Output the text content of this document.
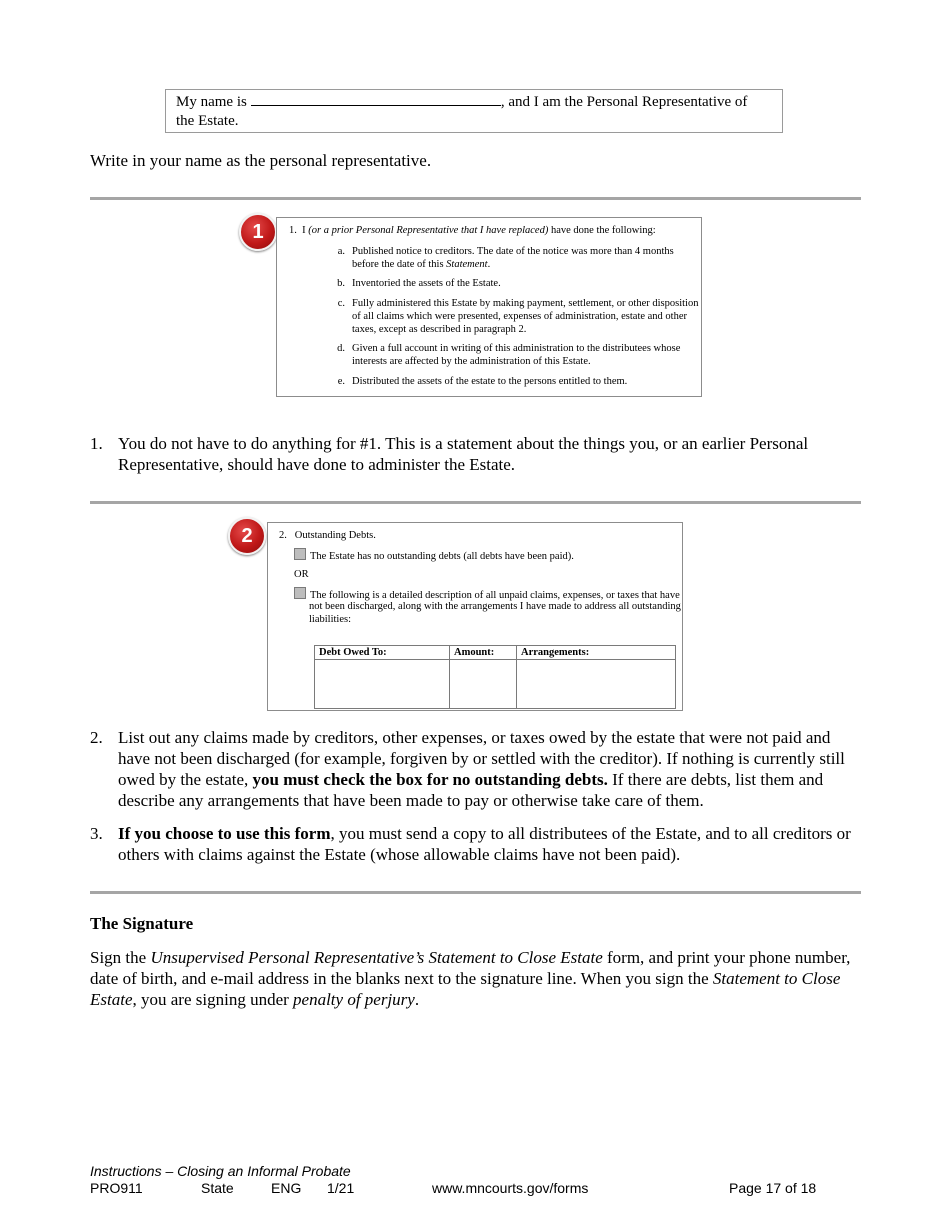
My name is	, and I am the Personal Representative of
the Estate.
Write in your name as the personal representative.
1	1. I (or a prior Personal Representative that I have replaced) have done the following:
a. Published notice to creditors. The date of the notice was more than 4 months
before the date of this Statement.
b. Inventoried the assets of the Estate.
c. Fully administered this Estate by making payment, settlement, or other disposition
of all claims which were presented, expenses of administration, estate and other
taxes, except as described in paragraph 2.
d. Given a full account in writing of this administration to the distributees whose
interests are affected by the administration of this Estate.
e. Distributed the assets of the estate to the persons entitled to them.
1. You do not have to do anything for #1. This is a statement about the things you, or an earlier Personal Representative, should have done to administer the Estate.
2	2. Outstanding Debts.
The Estate has no outstanding debts (all debts have been paid).
OR
The following is a detailed description of all unpaid claims, expenses, or taxes that have
not been discharged, along with the arrangements I have made to address all outstanding
liabilities:
Debt Owed To:	Amount:	Arrangements:

2. List out any claims made by creditors, other expenses, or taxes owed by the estate that were not paid and have not been discharged (for example, forgiven by or settled with the creditor). If nothing is currently still owed by the estate, you must check the box for no outstanding debts. If there are debts, list them and describe any arrangements that have been made to pay or otherwise take care of them.
3. If you choose to use this form, you must send a copy to all distributees of the Estate, and to all creditors or others with claims against the Estate (whose allowable claims have not been paid).
The Signature
Sign the Unsupervised Personal Representative’s Statement to Close Estate form, and print your phone number, date of birth, and e-mail address in the blanks next to the signature line. When you sign the Statement to Close Estate, you are signing under penalty of perjury.
Instructions – Closing an Informal Probate
PRO911	State	ENG 1/21	www.mncourts.gov/forms	Page 17 of 18
